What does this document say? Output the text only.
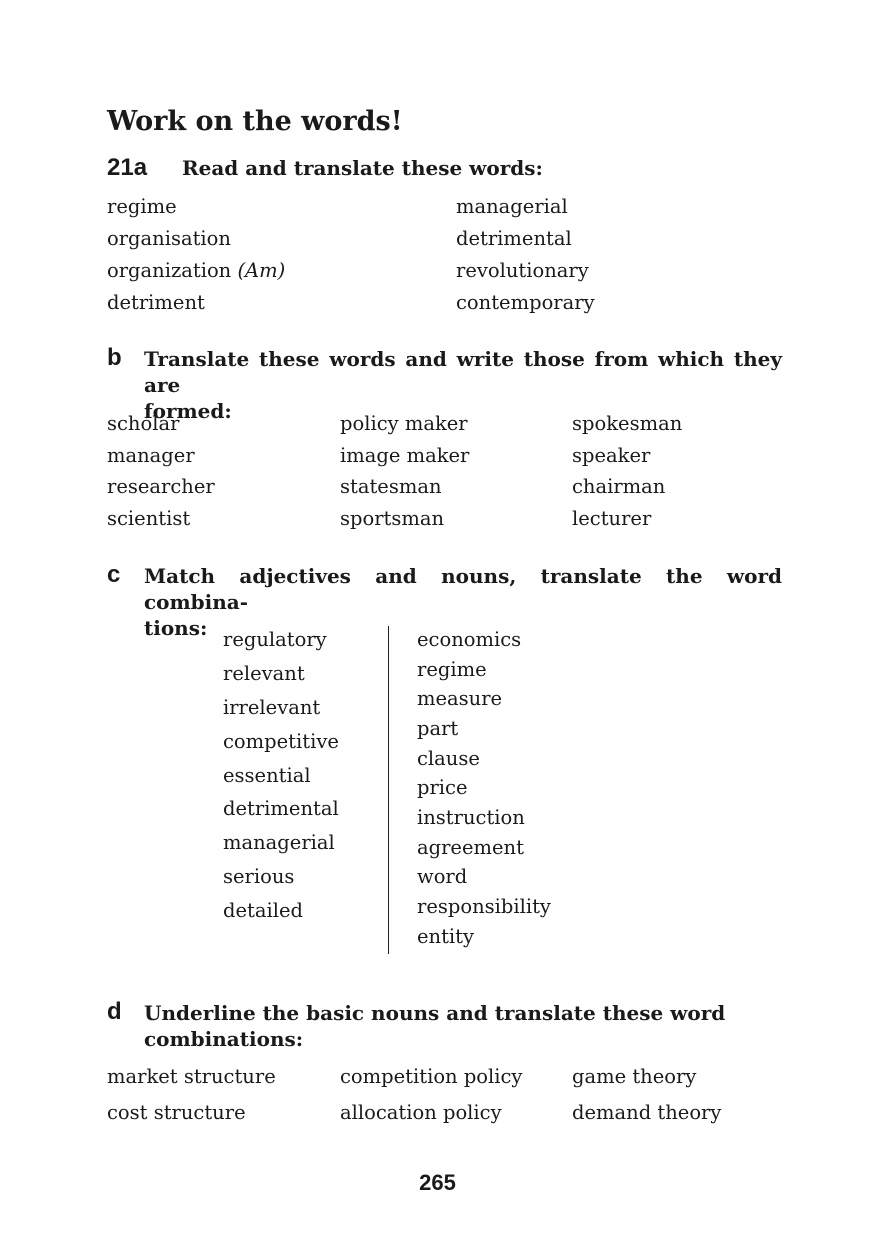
Work on the words!
21a Read and translate these words:
regime
organisation
organization (Am)
detriment
managerial
detrimental
revolutionary
contemporary
b Translate these words and write those from which they are
formed:
scholar
manager
researcher
scientist
policy maker
image maker
statesman
sportsman
spokesman
speaker
chairman
lecturer
c Match adjectives and nouns, translate the word combina-
tions: regulatory
relevant
irrelevant
competitive
essential
detrimental
managerial
serious
detailed
economics
regime
measure
part
clause
price
instruction
agreement
word
responsibility
entity
d Underline the basic nouns and translate these word
combinations:
market structure
cost structure
competition policy
allocation policy
game theory
demand theory
265
